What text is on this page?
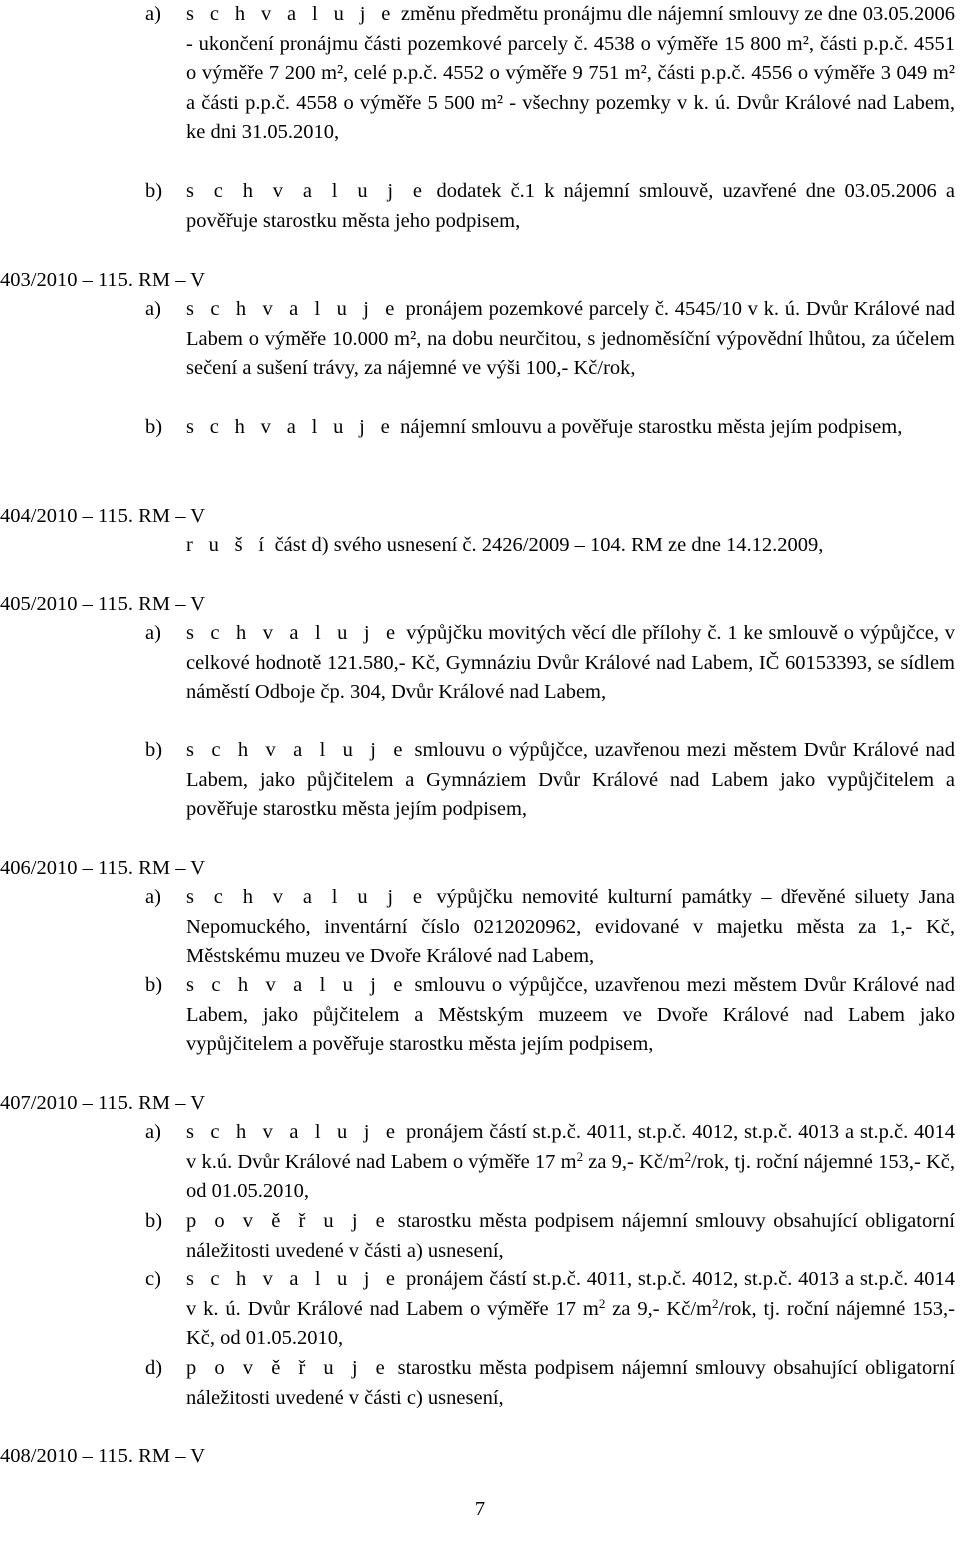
a) s c h v a l u j e změnu předmětu pronájmu dle nájemní smlouvy ze dne 03.05.2006 - ukončení pronájmu části pozemkové parcely č. 4538 o výměře 15 800 m², části p.p.č. 4551 o výměře 7 200 m², celé p.p.č. 4552 o výměře 9 751 m², části p.p.č. 4556 o výměře 3 049 m² a části p.p.č. 4558 o výměře 5 500 m² - všechny pozemky v k. ú. Dvůr Králové nad Labem, ke dni 31.05.2010,
b) s c h v a l u j e dodatek č.1 k nájemní smlouvě, uzavřené dne 03.05.2006 a pověřuje starostku města jeho podpisem,
403/2010 – 115. RM – V
a) s c h v a l u j e pronájem pozemkové parcely č. 4545/10 v k. ú. Dvůr Králové nad Labem o výměře 10.000 m², na dobu neurčitou, s jednoměsíční výpovědní lhůtou, za účelem sečení a sušení trávy, za nájemné ve výši 100,- Kč/rok,
b) s c h v a l u j e nájemní smlouvu a pověřuje starostku města jejím podpisem,
404/2010 – 115. RM – V
r u š í část d) svého usnesení č. 2426/2009 – 104. RM ze dne 14.12.2009,
405/2010 – 115. RM – V
a) s c h v a l u j e výpůjčku movitých věcí dle přílohy č. 1 ke smlouvě o výpůjčce, v celkové hodnotě 121.580,- Kč, Gymnáziu Dvůr Králové nad Labem, IČ 60153393, se sídlem náměstí Odboje čp. 304, Dvůr Králové nad Labem,
b) s c h v a l u j e smlouvu o výpůjčce, uzavřenou mezi městem Dvůr Králové nad Labem, jako půjčitelem a Gymnáziem Dvůr Králové nad Labem jako vypůjčitelem a pověřuje starostku města jejím podpisem,
406/2010 – 115. RM – V
a) s c h v a l u j e výpůjčku nemovité kulturní památky – dřevěné siluety Jana Nepomuckého, inventární číslo 0212020962, evidované v majetku města za 1,- Kč, Městskému muzeu ve Dvoře Králové nad Labem,
b) s c h v a l u j e smlouvu o výpůjčce, uzavřenou mezi městem Dvůr Králové nad Labem, jako půjčitelem a Městským muzeem ve Dvoře Králové nad Labem jako vypůjčitelem a pověřuje starostku města jejím podpisem,
407/2010 – 115. RM – V
a) s c h v a l u j e pronájem částí st.p.č. 4011, st.p.č. 4012, st.p.č. 4013 a st.p.č. 4014 v k.ú. Dvůr Králové nad Labem o výměře 17 $m^2$ za 9,- $Kč/m^2$/rok, tj. roční nájemné 153,- Kč, od 01.05.2010,
b) p o v ě ř u j e starostku města podpisem nájemní smlouvy obsahující obligatorní náležitosti uvedené v části a) usnesení,
c) s c h v a l u j e pronájem částí st.p.č. 4011, st.p.č. 4012, st.p.č. 4013 a st.p.č. 4014 v k. ú. Dvůr Králové nad Labem o výměře 17 $m^2$ za 9,- $Kč/m^2$/rok, tj. roční nájemné 153,- Kč, od 01.05.2010,
d) p o v ě ř u j e starostku města podpisem nájemní smlouvy obsahující obligatorní náležitosti uvedené v části c) usnesení,
408/2010 – 115. RM – V
7
